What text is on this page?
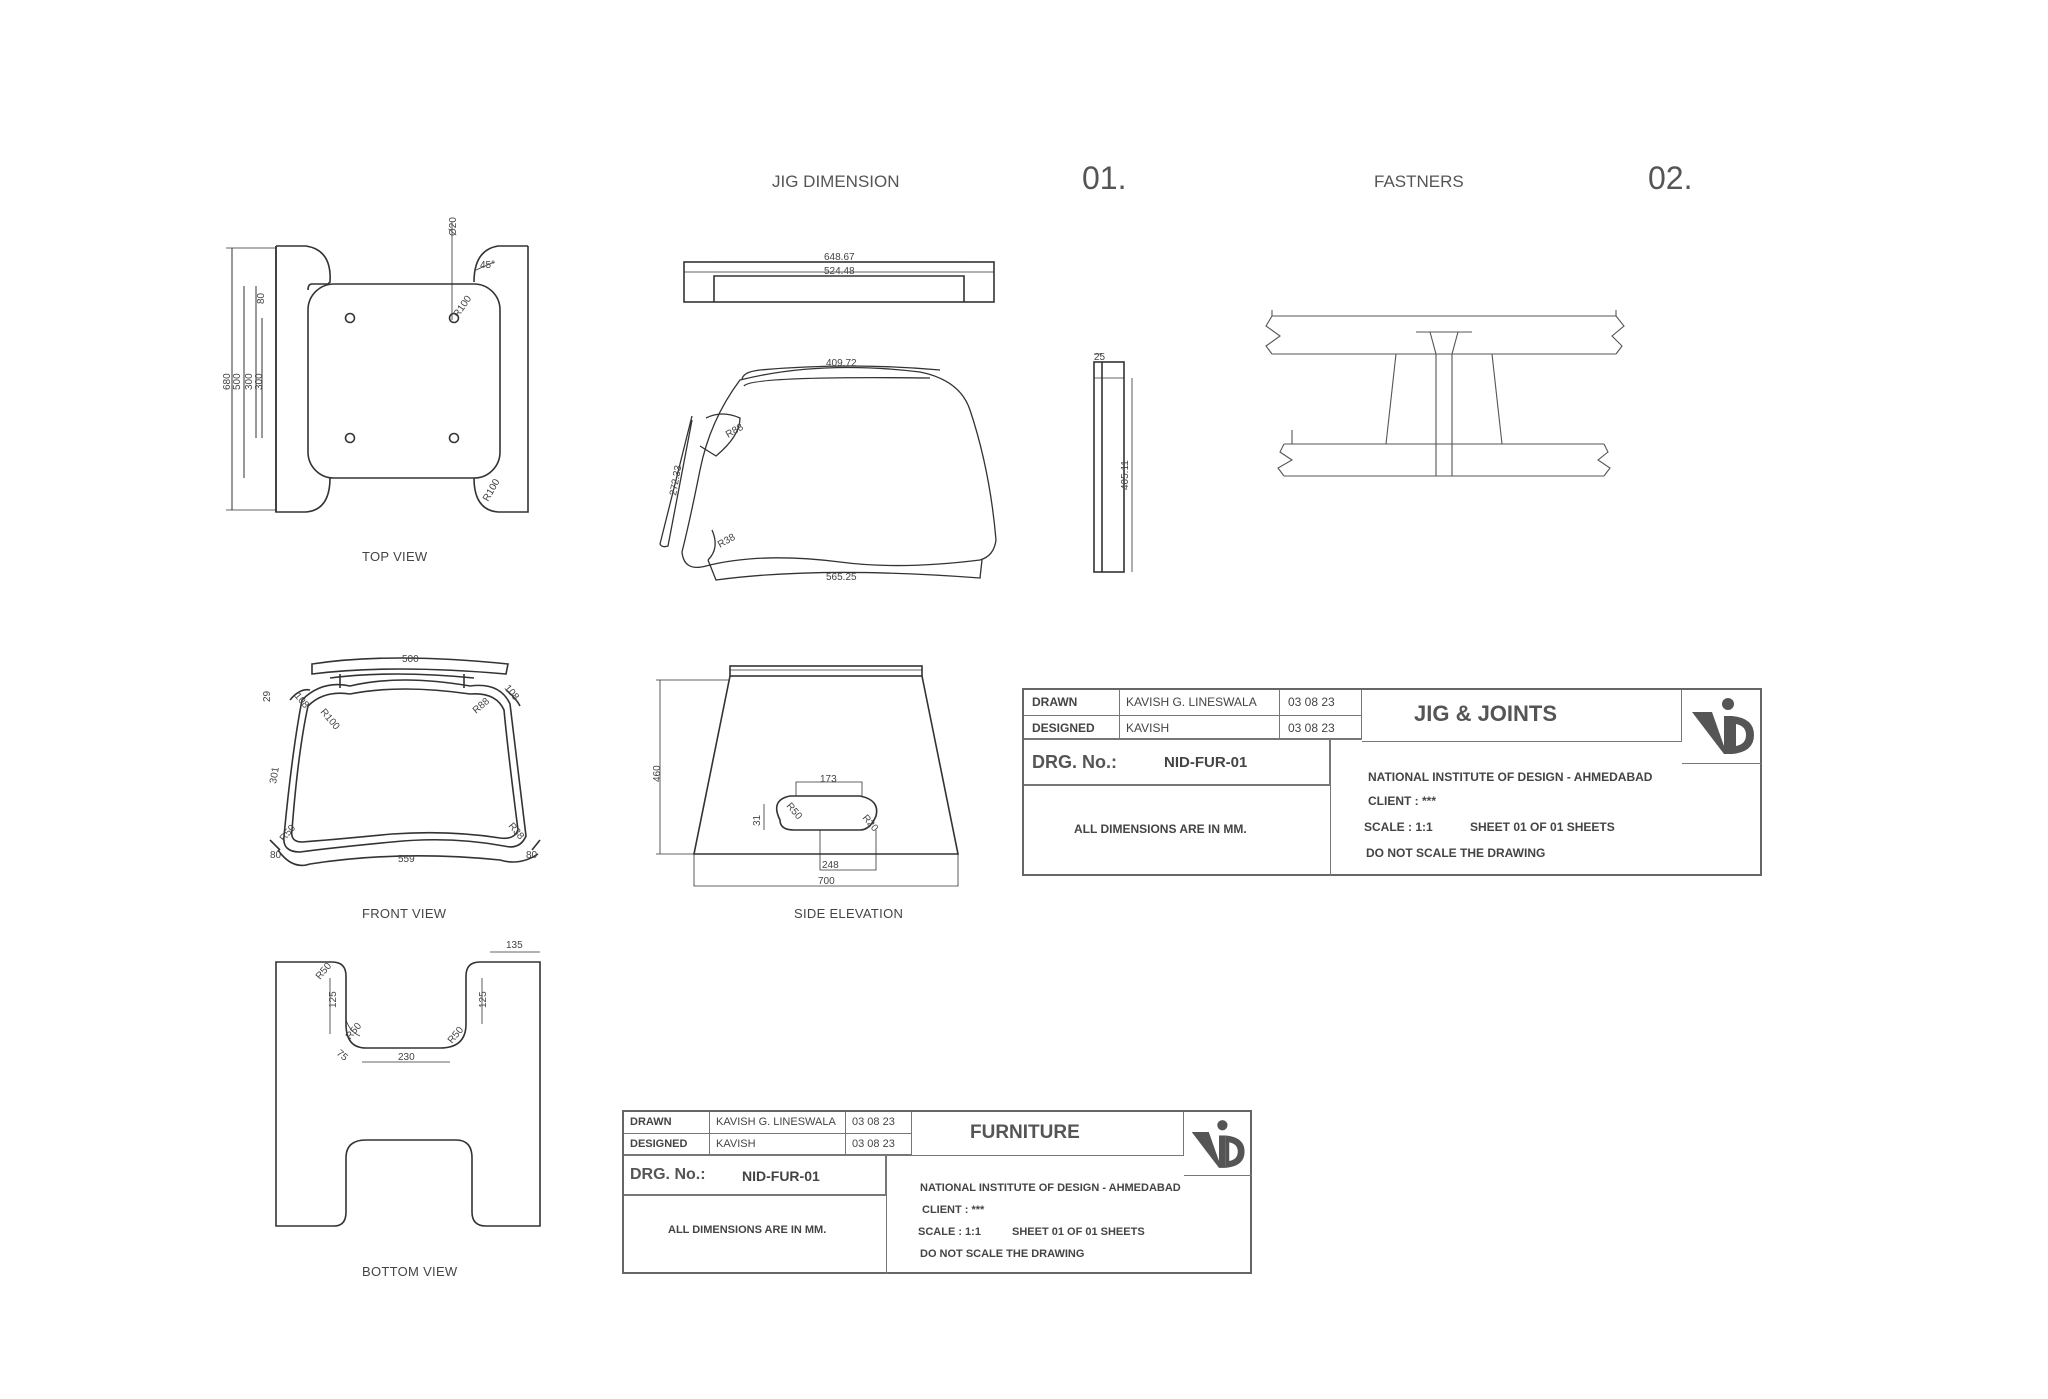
JIG DIMENSION	01.	FASTNERS	02.
TOP VIEW
FRONT VIEW	SIDE ELEVATION
BOTTOM VIEW
Ø20
45°
R100
R100
80
680 500 300 300
648.67
524.48
409.72
R88
272.33
R38
565.25
25
405.11
500
29 108	108
R100
R88
301
R50	R38
80	80
559
460	173
R50
31	R20
248
700
135
R50
125	125
R50
75
R50
230
DRAWN	KAVISH G. LINESWALA	03 08 23
DESIGNED	KAVISH	03 08 23
JIG & JOINTS
DRG. No.:	NID-FUR-01
ALL DIMENSIONS ARE IN MM.
NATIONAL INSTITUTE OF DESIGN - AHMEDABAD
CLIENT : ***
SCALE : 1:1	SHEET 01 OF 01 SHEETS
DO NOT SCALE THE DRAWING
DRAWN	KAVISH G. LINESWALA 03 08 23
DESIGNED	KAVISH	03 08 23
FURNITURE
DRG. No.:	NID-FUR-01
ALL DIMENSIONS ARE IN MM.
NATIONAL INSTITUTE OF DESIGN - AHMEDABAD
CLIENT : ***
SCALE : 1:1	SHEET 01 OF 01 SHEETS
DO NOT SCALE THE DRAWING
